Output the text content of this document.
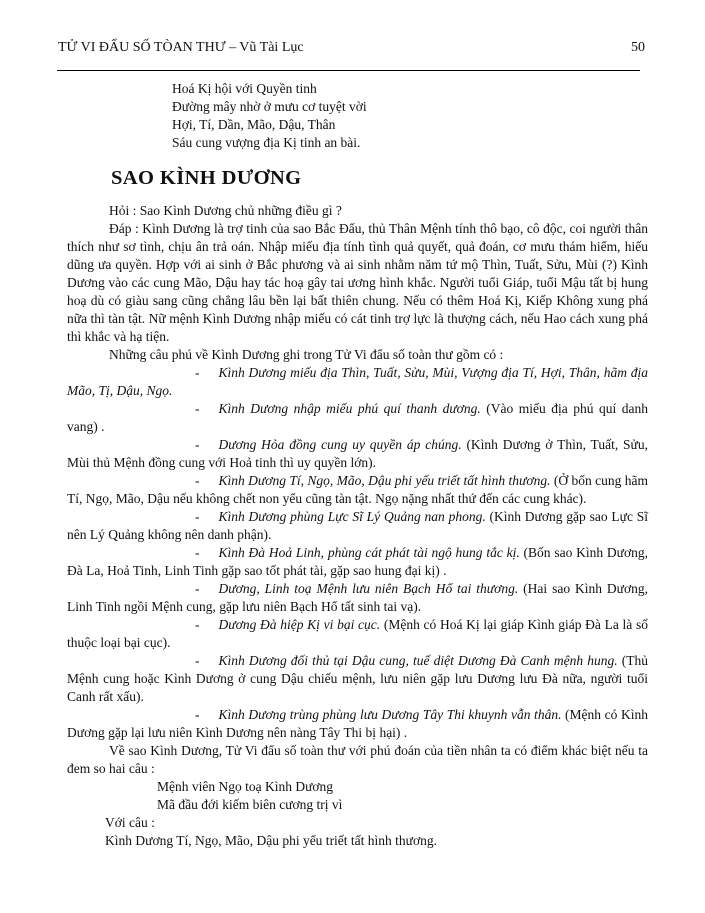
TỬ VI ĐẨU SỐ TÒAN THƯ – Vũ Tài Lục	50
Hoá Kị hội với Quyền tinh
Đường mây nhờ ở mưu cơ tuyệt vời
Hợi, Tí, Dần, Mão, Dậu, Thân
Sáu cung vượng địa Kị tinh an bài.
SAO KÌNH DƯƠNG

Hỏi : Sao Kình Dương chủ những điều gì ?

Đáp : Kình Dương là trợ tinh của sao Bắc Đẩu, thủ Thân Mệnh tính thô bạo, cô độc, coi người thân thích như sơ tình, chịu ân trả oán. Nhập miếu địa tính tình quả quyết, quả đoán, cơ mưu thám hiểm, hiếu dũng ưa quyền. Hợp với ai sinh ở Bắc phương và ai sinh nhằm năm tứ mộ Thìn, Tuất, Sửu, Mùi (?) Kình Dương vào các cung Mão, Dậu hay tác hoạ gây tai ương hình khắc. Người tuổi Giáp, tuổi Mậu tất bị hung hoạ dù có giàu sang cũng chẳng lâu bền lại bất thiên chung. Nếu có thêm Hoá Kị, Kiếp Không xung phá nữa thì tàn tật. Nữ mệnh Kình Dương nhập miếu có cát tinh trợ lực là thượng cách, nếu Hao cách xung phá thì khắc và hạ tiện.

Những câu phú về Kình Dương ghi trong Tử Vi đẩu số toàn thư gồm có :

- Kình Dương miếu địa Thìn, Tuất, Sửu, Mùi, Vượng địa Tí, Hợi, Thân, hãm địa Mão, Tị, Dậu, Ngọ.

- Kình Dương nhập miếu phú quí thanh dương. (Vào miếu địa phú quí danh vang) .

- Dương Hỏa đồng cung uy quyền áp chúng. (Kình Dương ở Thìn, Tuất, Sửu, Mùi thủ Mệnh đồng cung với Hoả tinh thì uy quyền lớn).

- Kình Dương Tí, Ngọ, Mão, Dậu phi yếu triết tất hình thương. (Ở bốn cung hãm Tí, Ngọ, Mão, Dậu nếu không chết non yểu cũng tàn tật. Ngọ nặng nhất thứ đến các cung khác).

- Kình Dương phùng Lực Sĩ Lý Quảng nan phong. (Kình Dương gặp sao Lực Sĩ nên Lý Quảng không nên danh phận).

- Kình Đà Hoả Linh, phùng cát phát tài ngộ hung tắc kị. (Bốn sao Kình Dương, Đà La, Hoả Tinh, Linh Tinh gặp sao tốt phát tài, gặp sao hung đại kị) .

- Dương, Linh toạ Mệnh lưu niên Bạch Hổ tai thương. (Hai sao Kình Dương, Linh Tinh ngồi Mệnh cung, gặp lưu niên Bạch Hổ tất sinh tai vạ).

- Dương Đà hiệp Kị vi bại cục. (Mệnh có Hoá Kị lại giáp Kình giáp Đà La là số thuộc loại bại cục).

- Kình Dương đối thủ tại Dậu cung, tuế diệt Dương Đà Canh mệnh hung. (Thủ Mệnh cung hoặc Kình Dương ở cung Dậu chiếu mệnh, lưu niên gặp lưu Dương lưu Đà nữa, người tuổi Canh rất xấu).

- Kình Dương trùng phùng lưu Dương Tây Thi khuynh vẫn thân. (Mệnh có Kình Dương gặp lại lưu niên Kình Dương nên nàng Tây Thi bị hại) .

Về sao Kình Dương, Tử Vi đẩu số toàn thư với phú đoán của tiền nhân ta có điểm khác biệt nếu ta đem so hai câu :

Mệnh viên Ngọ toạ Kình Dương
Mã đầu đới kiếm biên cương trị vì

Với câu :

Kình Dương Tí, Ngọ, Mão, Dậu phi yểu triết tất hình thương.
